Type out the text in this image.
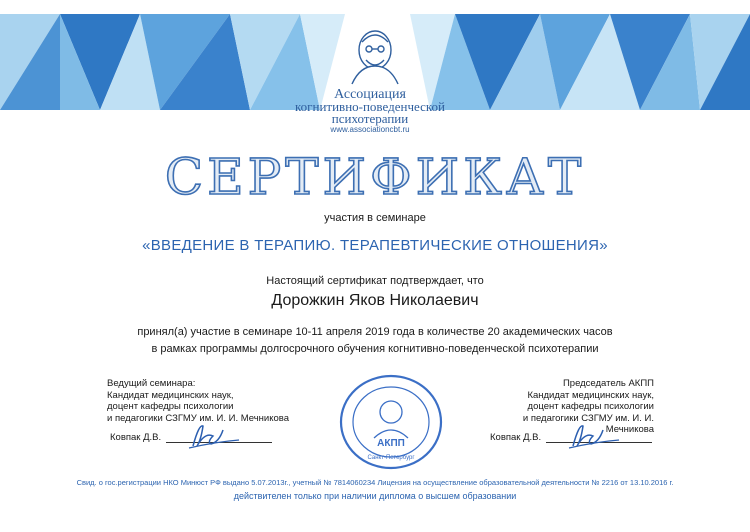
Ассоциация
когнитивно-поведенческой
психотерапии
www.associationcbt.ru
СЕРТИФИКАТ
участия в семинаре
«ВВЕДЕНИЕ В ТЕРАПИЮ. ТЕРАПЕВТИЧЕСКИЕ ОТНОШЕНИЯ»
Настоящий сертификат подтверждает, что
Дорожкин Яков Николаевич
принял(а) участие в семинаре 10-11 апреля 2019 года в количестве 20 академических часов
в рамках программы долгосрочного обучения когнитивно-поведенческой психотерапии
Ведущий семинара:
Кандидат медицинских наук,
доцент кафедры психологии
и педагогики СЗГМУ им. И. И. Мечникова
Ковпак Д.В.
Председатель АКПП
Кандидат медицинских наук,
доцент кафедры психологии
и педагогики СЗГМУ им. И. И. Мечникова
Ковпак Д.В.
АКПП
Санкт-Петербург
Свид. о гос.регистрации НКО Минюст РФ выдано 5.07.2013г., учетный № 7814060234 Лицензия на осуществление образовательной деятельности № 2216 от 13.10.2016 г.
действителен только при наличии диплома о высшем образовании
